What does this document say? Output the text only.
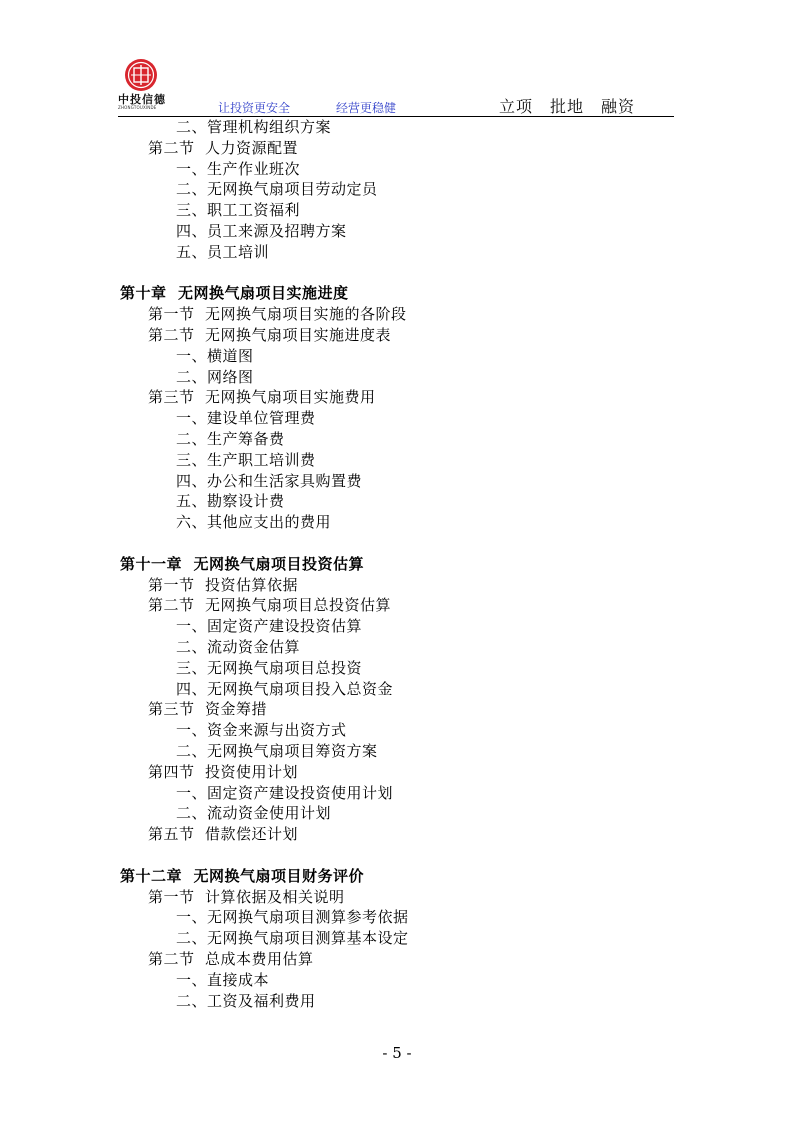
中投信德
ZHONGTOUXINDE	让投资更安全	经营更稳健	立项　批地　融资
二、管理机构组织方案
第二节  人力资源配置
一、生产作业班次
二、无网换气扇项目劳动定员
三、职工工资福利
四、员工来源及招聘方案
五、员工培训
第十章  无网换气扇项目实施进度
第一节  无网换气扇项目实施的各阶段
第二节  无网换气扇项目实施进度表
一、横道图
二、网络图
第三节  无网换气扇项目实施费用
一、建设单位管理费
二、生产筹备费
三、生产职工培训费
四、办公和生活家具购置费
五、勘察设计费
六、其他应支出的费用
第十一章  无网换气扇项目投资估算
第一节  投资估算依据
第二节  无网换气扇项目总投资估算
一、固定资产建设投资估算
二、流动资金估算
三、无网换气扇项目总投资
四、无网换气扇项目投入总资金
第三节  资金筹措
一、资金来源与出资方式
二、无网换气扇项目筹资方案
第四节  投资使用计划
一、固定资产建设投资使用计划
二、流动资金使用计划
第五节  借款偿还计划
第十二章  无网换气扇项目财务评价
第一节  计算依据及相关说明
一、无网换气扇项目测算参考依据
二、无网换气扇项目测算基本设定
第二节  总成本费用估算
一、直接成本
二、工资及福利费用
- 5 -
